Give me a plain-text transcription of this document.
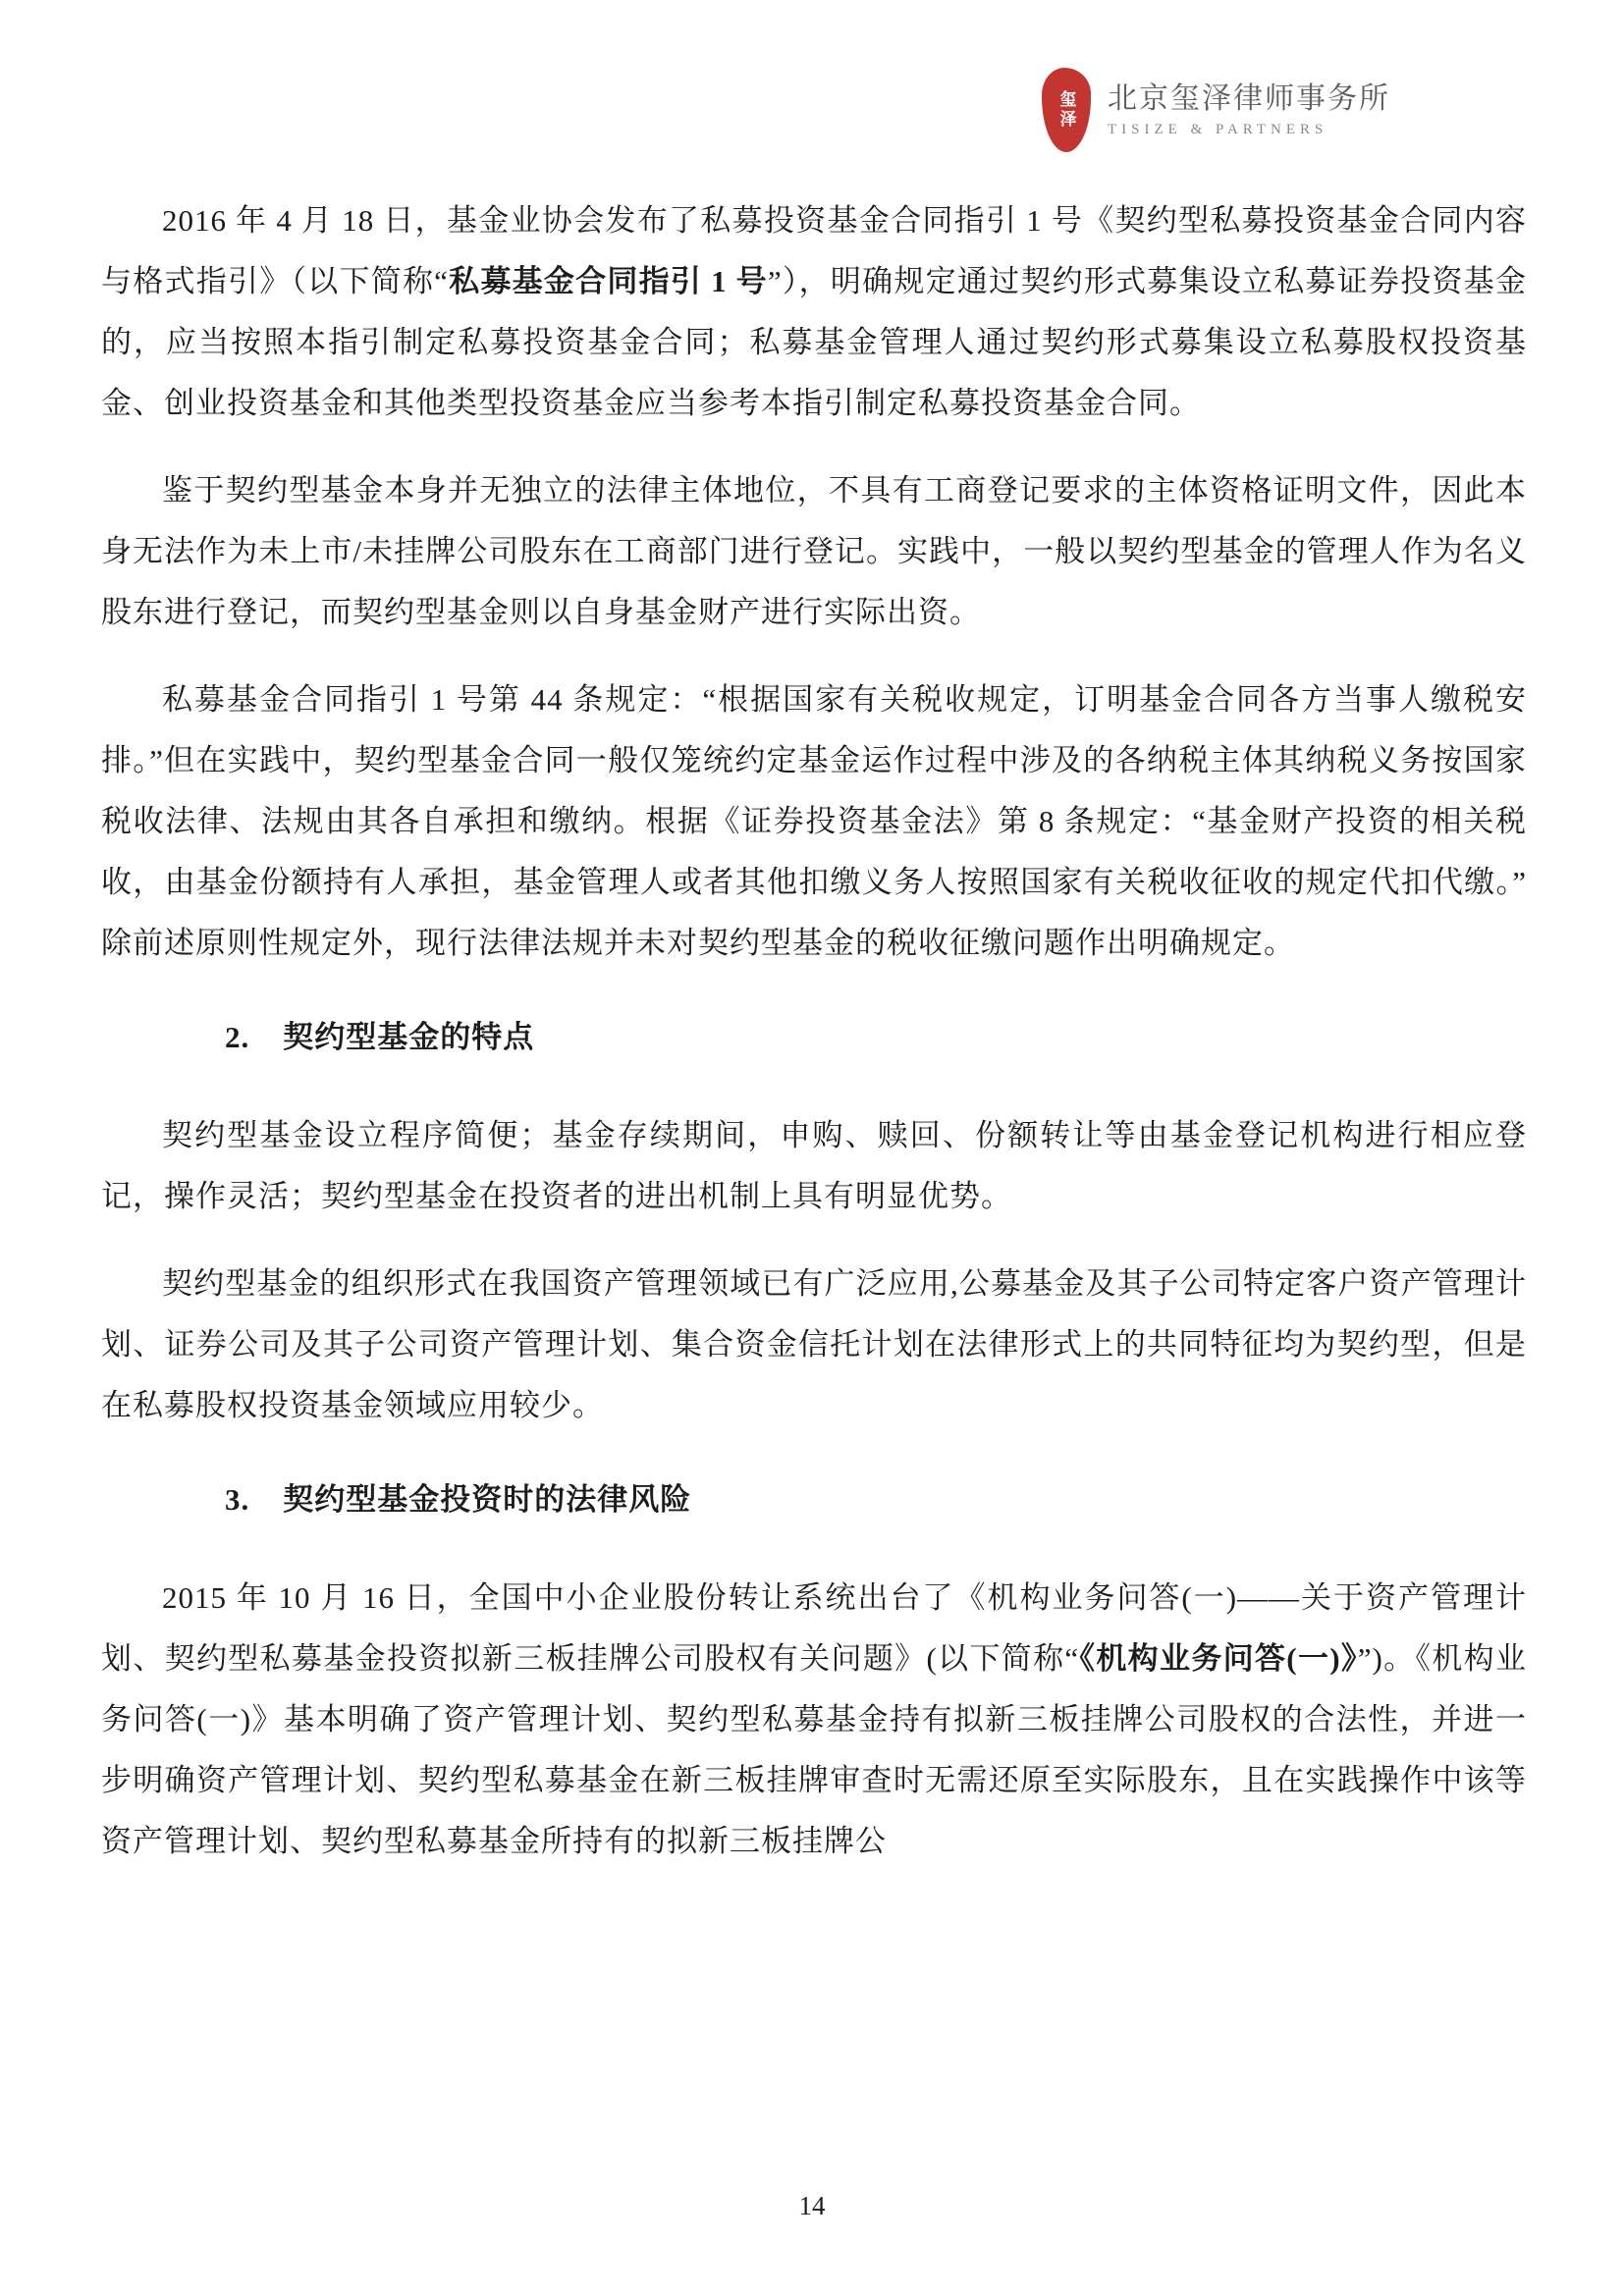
玺泽 北京玺泽律师事务所
TISIZE & PARTNERS

2016 年 4 月 18 日，基金业协会发布了私募投资基金合同指引 1 号《契约型私募投资基金合同内容与格式指引》（以下简称“私募基金合同指引 1 号”），明确规定通过契约形式募集设立私募证券投资基金的，应当按照本指引制定私募投资基金合同；私募基金管理人通过契约形式募集设立私募股权投资基金、创业投资基金和其他类型投资基金应当参考本指引制定私募投资基金合同。

鉴于契约型基金本身并无独立的法律主体地位，不具有工商登记要求的主体资格证明文件，因此本身无法作为未上市/未挂牌公司股东在工商部门进行登记。实践中，一般以契约型基金的管理人作为名义股东进行登记，而契约型基金则以自身基金财产进行实际出资。

私募基金合同指引 1 号第 44 条规定：“根据国家有关税收规定，订明基金合同各方当事人缴税安排。”但在实践中，契约型基金合同一般仅笼统约定基金运作过程中涉及的各纳税主体其纳税义务按国家税收法律、法规由其各自承担和缴纳。根据《证券投资基金法》第 8 条规定：“基金财产投资的相关税收，由基金份额持有人承担，基金管理人或者其他扣缴义务人按照国家有关税收征收的规定代扣代缴。”除前述原则性规定外，现行法律法规并未对契约型基金的税收征缴问题作出明确规定。

2. 契约型基金的特点

契约型基金设立程序简便；基金存续期间，申购、赎回、份额转让等由基金登记机构进行相应登记，操作灵活；契约型基金在投资者的进出机制上具有明显优势。

契约型基金的组织形式在我国资产管理领域已有广泛应用,公募基金及其子公司特定客户资产管理计划、证券公司及其子公司资产管理计划、集合资金信托计划在法律形式上的共同特征均为契约型，但是在私募股权投资基金领域应用较少。

3. 契约型基金投资时的法律风险

2015 年 10 月 16 日，全国中小企业股份转让系统出台了《机构业务问答(一)——关于资产管理计划、契约型私募基金投资拟新三板挂牌公司股权有关问题》(以下简称“《机构业务问答(一)》”)。《机构业务问答(一)》基本明确了资产管理计划、契约型私募基金持有拟新三板挂牌公司股权的合法性，并进一步明确资产管理计划、契约型私募基金在新三板挂牌审查时无需还原至实际股东，且在实践操作中该等资产管理计划、契约型私募基金所持有的拟新三板挂牌公

14
